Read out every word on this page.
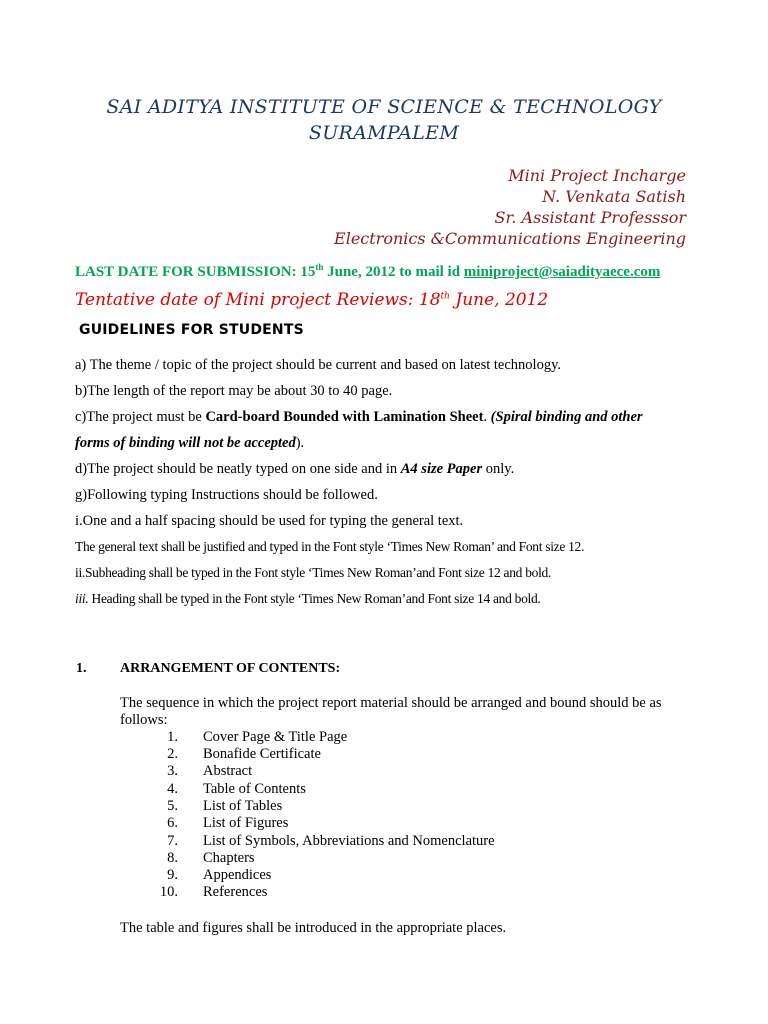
SAI ADITYA INSTITUTE OF SCIENCE & TECHNOLOGY
SURAMPALEM
Mini Project Incharge
N. Venkata Satish
Sr. Assistant Professsor
Electronics &Communications Engineering
LAST DATE FOR SUBMISSION: 15th June, 2012 to mail id miniproject@saiadityaece.com
Tentative date of Mini project Reviews: 18th June, 2012
GUIDELINES FOR STUDENTS
a) The theme / topic of the project should be current and based on latest technology.
b)The length of the report may be about 30 to 40 page.
c)The project must be Card-board Bounded with Lamination Sheet. (Spiral binding and other
forms of binding will not be accepted).
d)The project should be neatly typed on one side and in A4 size Paper only.
g)Following typing Instructions should be followed.
i.One and a half spacing should be used for typing the general text.
The general text shall be justified and typed in the Font style ‘Times New Roman’ and Font size 12.
ii.Subheading shall be typed in the Font style ‘Times New Roman’and Font size 12 and bold.
iii. Heading shall be typed in the Font style ‘Times New Roman’and Font size 14 and bold.
1. ARRANGEMENT OF CONTENTS:
The sequence in which the project report material should be arranged and bound should be as
follows:
1. Cover Page & Title Page
2. Bonafide Certificate
3. Abstract
4. Table of Contents
5. List of Tables
6. List of Figures
7. List of Symbols, Abbreviations and Nomenclature
8. Chapters
9. Appendices
10. References
The table and figures shall be introduced in the appropriate places.
